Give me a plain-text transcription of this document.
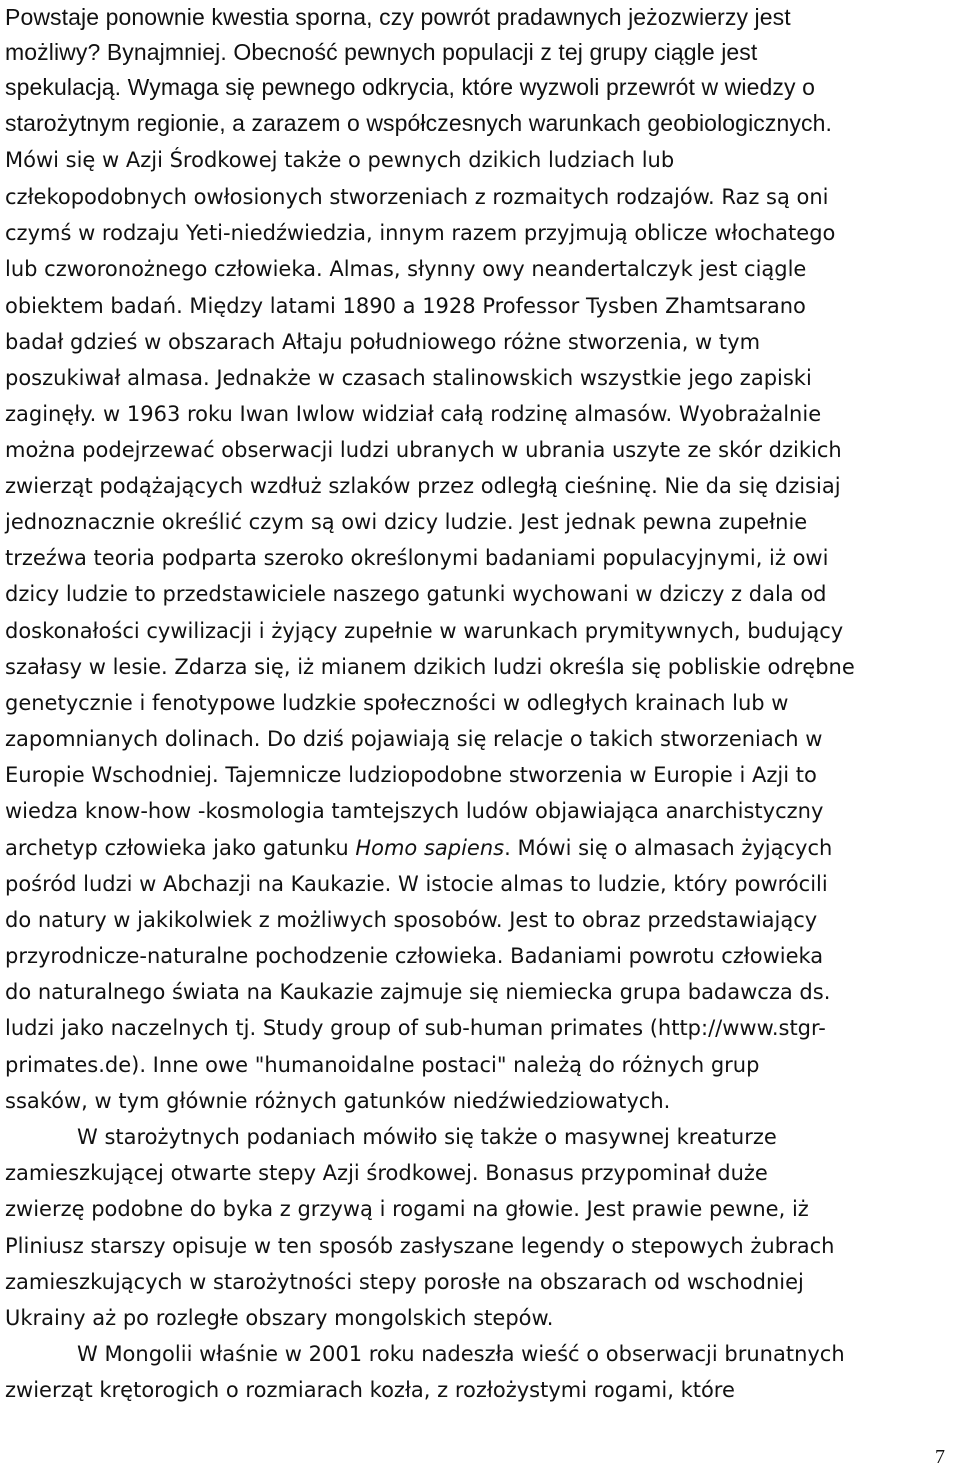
Powstaje ponownie kwestia sporna, czy powrót pradawnych jeżozwierzy jest
możliwy? Bynajmniej. Obecność pewnych populacji z tej grupy ciągle jest
spekulacją. Wymaga się pewnego odkrycia, które wyzwoli przewrót w wiedzy o
starożytnym regionie, a zarazem o współczesnych warunkach geobiologicznych.
Mówi się w Azji Środkowej także o pewnych dzikich ludziach lub
człekopodobnych owłosionych stworzeniach z rozmaitych rodzajów. Raz są oni
czymś w rodzaju Yeti-niedźwiedzia, innym razem przyjmują oblicze włochatego
lub czworonożnego człowieka. Almas, słynny owy neandertalczyk jest ciągle
obiektem badań. Między latami 1890 a 1928 Professor Tysben Zhamtsarano
badał gdzieś w obszarach Ałtaju południowego różne stworzenia, w tym
poszukiwał almasa. Jednakże w czasach stalinowskich wszystkie jego zapiski
zaginęły. w 1963 roku Iwan Iwlow widział całą rodzinę almasów. Wyobrażalnie
można podejrzewać obserwacji ludzi ubranych w ubrania uszyte ze skór dzikich
zwierząt podążających wzdłuż szlaków przez odległą cieśninę. Nie da się dzisiaj
jednoznacznie określić czym są owi dzicy ludzie. Jest jednak pewna zupełnie
trzeźwa teoria podparta szeroko określonymi badaniami populacyjnymi, iż owi
dzicy ludzie to przedstawiciele naszego gatunki wychowani w dziczy z dala od
doskonałości cywilizacji i żyjący zupełnie w warunkach prymitywnych, budujący
szałasy w lesie. Zdarza się, iż mianem dzikich ludzi określa się pobliskie odrębne
genetycznie i fenotypowe ludzkie społeczności w odległych krainach lub w
zapomnianych dolinach. Do dziś pojawiają się relacje o takich stworzeniach w
Europie Wschodniej. Tajemnicze ludziopodobne stworzenia w Europie i Azji to
wiedza know-how -kosmologia tamtejszych ludów objawiająca anarchistyczny
archetyp człowieka jako gatunku Homo sapiens. Mówi się o almasach żyjących
pośród ludzi w Abchazji na Kaukazie. W istocie almas to ludzie, który powrócili
do natury w jakikolwiek z możliwych sposobów. Jest to obraz przedstawiający
przyrodnicze-naturalne pochodzenie człowieka. Badaniami powrotu człowieka
do naturalnego świata na Kaukazie zajmuje się niemiecka grupa badawcza ds.
ludzi jako naczelnych tj. Study group of sub-human primates (http://www.stgr-
primates.de). Inne owe "humanoidalne postaci" należą do różnych grup
ssaków, w tym głównie różnych gatunków niedźwiedziowatych.
W starożytnych podaniach mówiło się także o masywnej kreaturze
zamieszkującej otwarte stepy Azji środkowej. Bonasus przypominał duże
zwierzę podobne do byka z grzywą i rogami na głowie. Jest prawie pewne, iż
Pliniusz starszy opisuje w ten sposób zasłyszane legendy o stepowych żubrach
zamieszkujących w starożytności stepy porosłe na obszarach od wschodniej
Ukrainy aż po rozległe obszary mongolskich stepów.
W Mongolii właśnie w 2001 roku nadeszła wieść o obserwacji brunatnych
zwierząt krętorogich o rozmiarach kozła, z rozłożystymi rogami, które
7
